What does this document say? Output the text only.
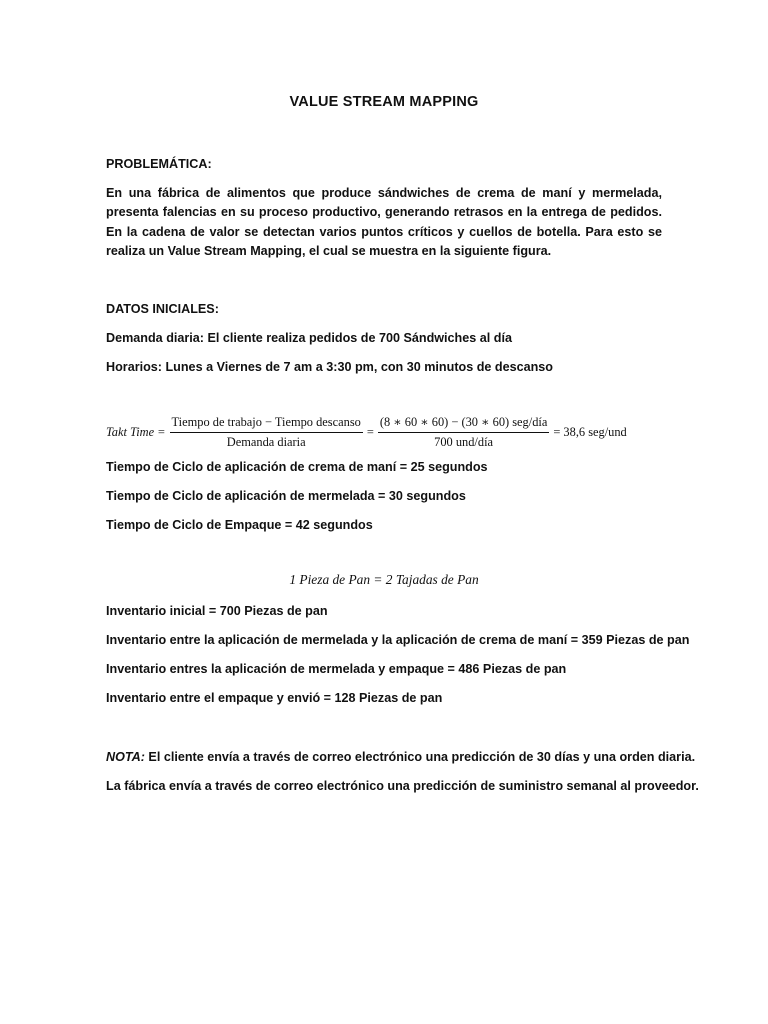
VALUE STREAM MAPPING
PROBLEMÁTICA:
En una fábrica de alimentos que produce sándwiches de crema de maní y mermelada, presenta falencias en su proceso productivo, generando retrasos en la entrega de pedidos. En la cadena de valor se detectan varios puntos críticos y cuellos de botella. Para esto se realiza un Value Stream Mapping, el cual se muestra en la siguiente figura.
DATOS INICIALES:
Demanda diaria: El cliente realiza pedidos de 700 Sándwiches al día
Horarios: Lunes a Viernes de 7 am a 3:30 pm, con 30 minutos de descanso
Takt Time = $\frac{\text{Tiempo de trabajo − Tiempo descanso}}{\text{Demanda diaria}} = \frac{\text{(8 ∗ 60 ∗ 60) − (30 ∗ 60) seg/día}}{\text{700 und/día}} = 38,6$ seg/und
Tiempo de Ciclo de aplicación de crema de maní = 25 segundos
Tiempo de Ciclo de aplicación de mermelada = 30 segundos
Tiempo de Ciclo de Empaque = 42 segundos
1 Pieza de Pan = 2 Tajadas de Pan
Inventario inicial = 700 Piezas de pan
Inventario entre la aplicación de mermelada y la aplicación de crema de maní = 359 Piezas de pan
Inventario entres la aplicación de mermelada y empaque = 486 Piezas de pan
Inventario entre el empaque y envió = 128 Piezas de pan
NOTA: El cliente envía a través de correo electrónico una predicción de 30 días y una orden diaria.
La fábrica envía a través de correo electrónico una predicción de suministro semanal al proveedor.
